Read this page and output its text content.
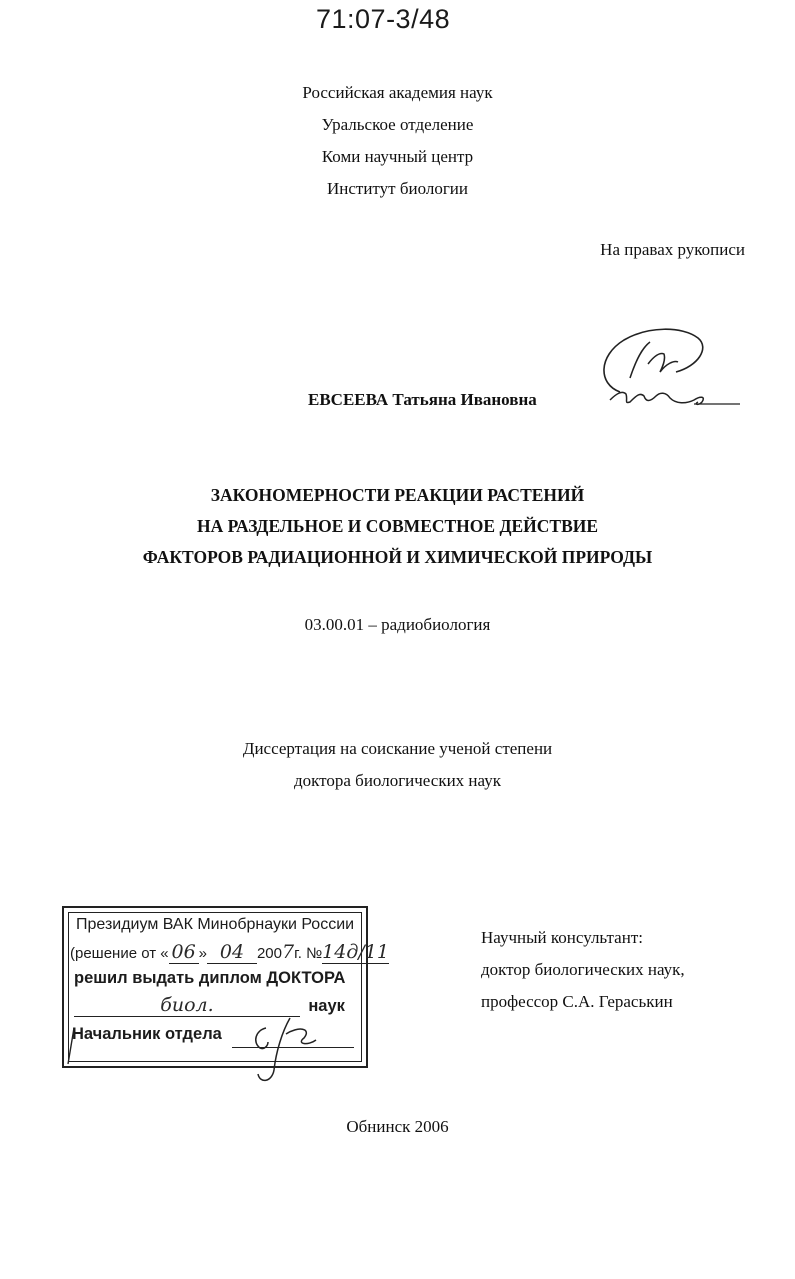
71:07-3/48
Российская академия наук
Уральское отделение
Коми научный центр
Институт биологии
На правах рукописи
ЕВСЕЕВА Татьяна Ивановна
ЗАКОНОМЕРНОСТИ РЕАКЦИИ РАСТЕНИЙ
НА РАЗДЕЛЬНОЕ И СОВМЕСТНОЕ ДЕЙСТВИЕ
ФАКТОРОВ РАДИАЦИОННОЙ И ХИМИЧЕСКОЙ ПРИРОДЫ
03.00.01 – радиобиология
Диссертация на соискание ученой степени
доктора биологических наук
Президиум ВАК Минобрнауки России
(решение от « 06 » 04 2007г. №14д/11
решил выдать диплом ДОКТОРА
биол.	наук
Начальник отдела
Научный консультант:
доктор биологических наук,
профессор С.А. Гераськин
Обнинск 2006
